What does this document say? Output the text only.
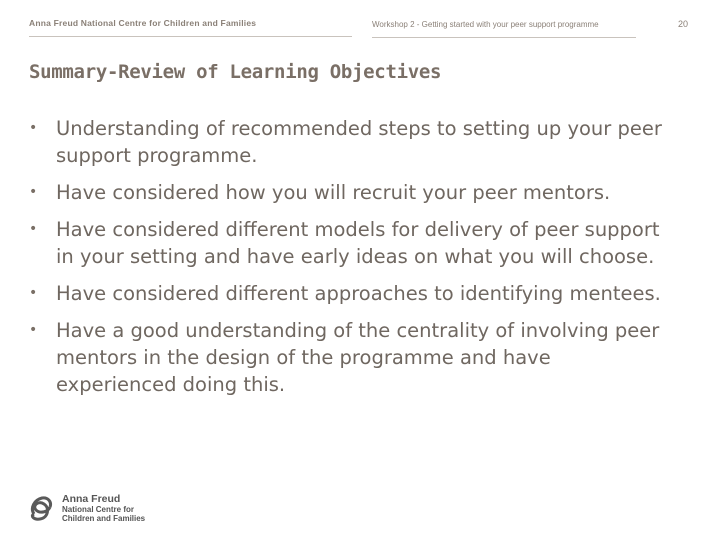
Anna Freud National Centre for Children and Families	Workshop 2 - Getting started with your peer support programme	20
Summary-Review of Learning Objectives
• Understanding of recommended steps to setting up your peer support programme.
• Have considered how you will recruit your peer mentors.
• Have considered different models for delivery of peer support in your setting and have early ideas on what you will choose.
• Have considered different approaches to identifying mentees.
• Have a good understanding of the centrality of involving peer mentors in the design of the programme and have experienced doing this.
Anna Freud
National Centre for
Children and Families
